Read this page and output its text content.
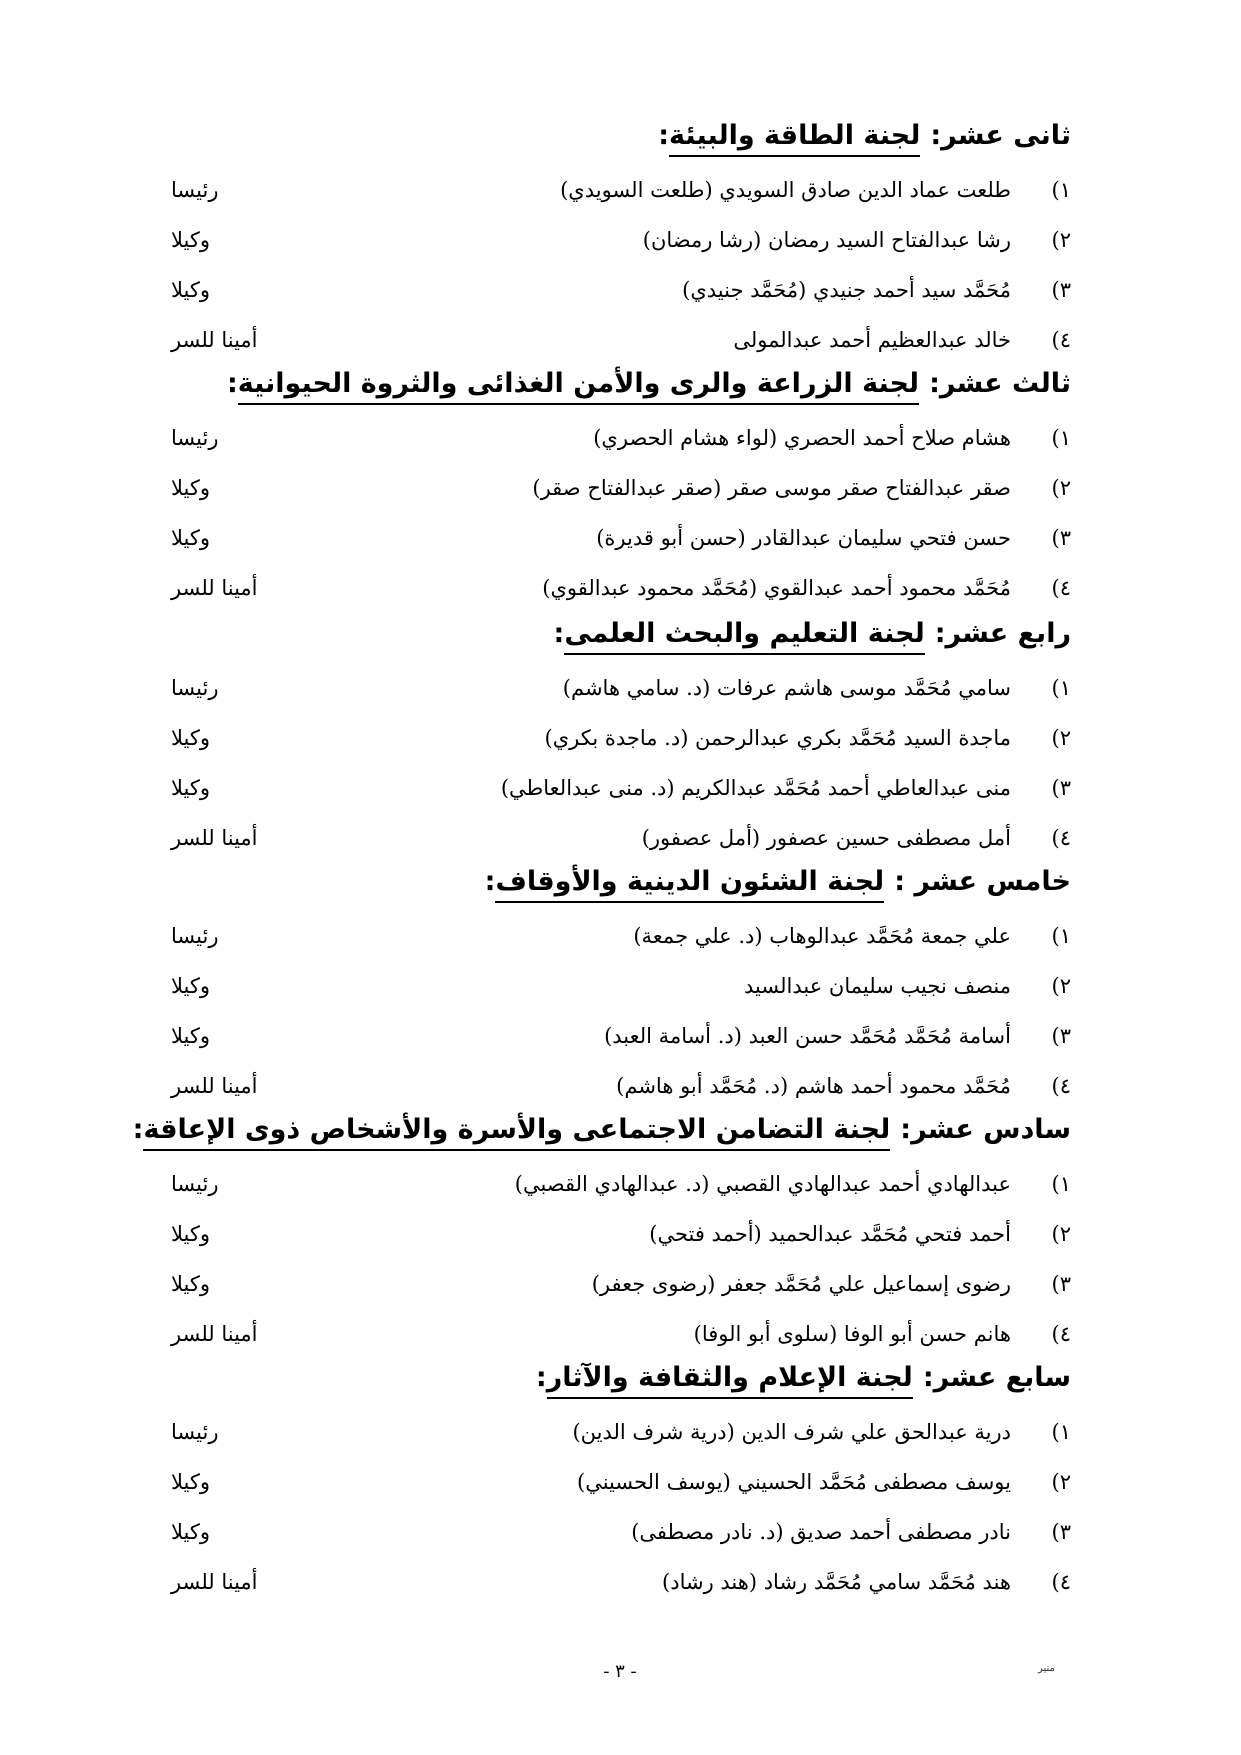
ثانى عشر:لجنة الطاقة والبيئة:
١)
طلعت عماد الدين صادق السويدي (طلعت السويدي)
رئيسا
٢)
رشا عبدالفتاح السيد رمضان (رشا رمضان)
وكيلا
٣)
مُحَمَّد سيد أحمد جنيدي (مُحَمَّد جنيدي)
وكيلا
٤)
خالد عبدالعظيم أحمد عبدالمولى
أمينا للسر
ثالث عشر:لجنة الزراعة والرى والأمن الغذائى والثروة الحيوانية:
١)
هشام صلاح أحمد الحصري (لواء هشام الحصري)
رئيسا
٢)
صقر عبدالفتاح صقر موسى صقر (صقر عبدالفتاح صقر)
وكيلا
٣)
حسن فتحي سليمان عبدالقادر (حسن أبو قديرة)
وكيلا
٤)
مُحَمَّد محمود أحمد عبدالقوي (مُحَمَّد محمود عبدالقوي)
أمينا للسر
رابع عشر:لجنة التعليم والبحث العلمى:
١)
سامي مُحَمَّد موسى هاشم عرفات (د. سامي هاشم)
رئيسا
٢)
ماجدة السيد مُحَمَّد بكري عبدالرحمن (د. ماجدة بكري)
وكيلا
٣)
منى عبدالعاطي أحمد مُحَمَّد عبدالكريم (د. منى عبدالعاطي)
وكيلا
٤)
أمل مصطفى حسين عصفور (أمل عصفور)
أمينا للسر
خامس عشر :لجنة الشئون الدينية والأوقاف:
١)
علي جمعة مُحَمَّد عبدالوهاب (د. علي جمعة)
رئيسا
٢)
منصف نجيب سليمان عبدالسيد
وكيلا
٣)
أسامة مُحَمَّد مُحَمَّد حسن العبد (د. أسامة العبد)
وكيلا
٤)
مُحَمَّد محمود أحمد هاشم (د. مُحَمَّد أبو هاشم)
أمينا للسر
سادس عشر:لجنة التضامن الاجتماعى والأسرة والأشخاص ذوى الإعاقة:
١)
عبدالهادي أحمد عبدالهادي القصبي (د. عبدالهادي القصبي)
رئيسا
٢)
أحمد فتحي مُحَمَّد عبدالحميد (أحمد فتحي)
وكيلا
٣)
رضوى إسماعيل علي مُحَمَّد جعفر (رضوى جعفر)
وكيلا
٤)
هانم حسن أبو الوفا (سلوى أبو الوفا)
أمينا للسر
سابع عشر:لجنة الإعلام والثقافة والآثار:
١)
درية عبدالحق علي شرف الدين (درية شرف الدين)
رئيسا
٢)
يوسف مصطفى مُحَمَّد الحسيني (يوسف الحسيني)
وكيلا
٣)
نادر مصطفى أحمد صديق (د. نادر مصطفى)
وكيلا
٤)
هند مُحَمَّد سامي مُحَمَّد رشاد (هند رشاد)
أمينا للسر
- ٣ -	منير
